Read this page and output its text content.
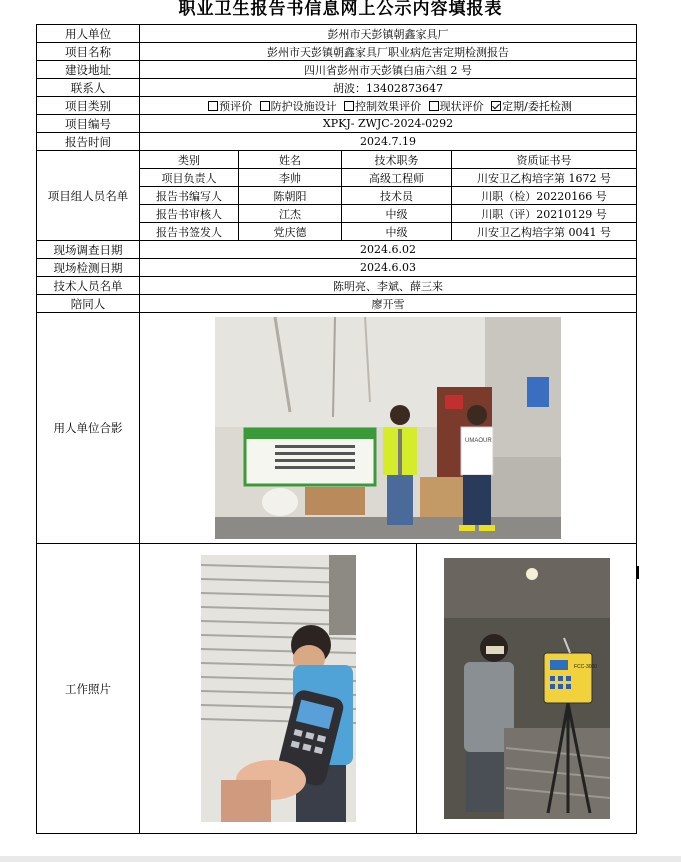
职业卫生报告书信息网上公示内容填报表
用人单位	彭州市天彭镇朝鑫家具厂				
项目名称	彭州市天彭镇朝鑫家具厂职业病危害定期检测报告				
建设地址	四川省彭州市天彭镇白庙六组 2 号				
联系人	胡波：13402873647				
项目类别	预评价 防护设施设计 控制效果评价 现状评价 定期/委托检测				
项目编号	XPKJ- ZWJC-2024-0292				
报告时间	2024.7.19				
项目组人员名单	类别	姓名	技术职务		资质证书号
	项目负责人	李帅	高级工程师		川安卫乙构培字第 1672 号
	报告书编写人	陈朝阳	技术员		川职（检）20220166 号
	报告书审核人	江杰	中级		川职（评）20210129 号
	报告书签发人	党庆德	中级		川安卫乙构培字第 0041 号
现场调查日期	2024.6.02				
现场检测日期	2024.6.03				
技术人员名单	陈明亮、李斌、薛三来				
陪同人	廖开雪				
用人单位合影	UMAOUR				

工作照片				FCC-3000	
